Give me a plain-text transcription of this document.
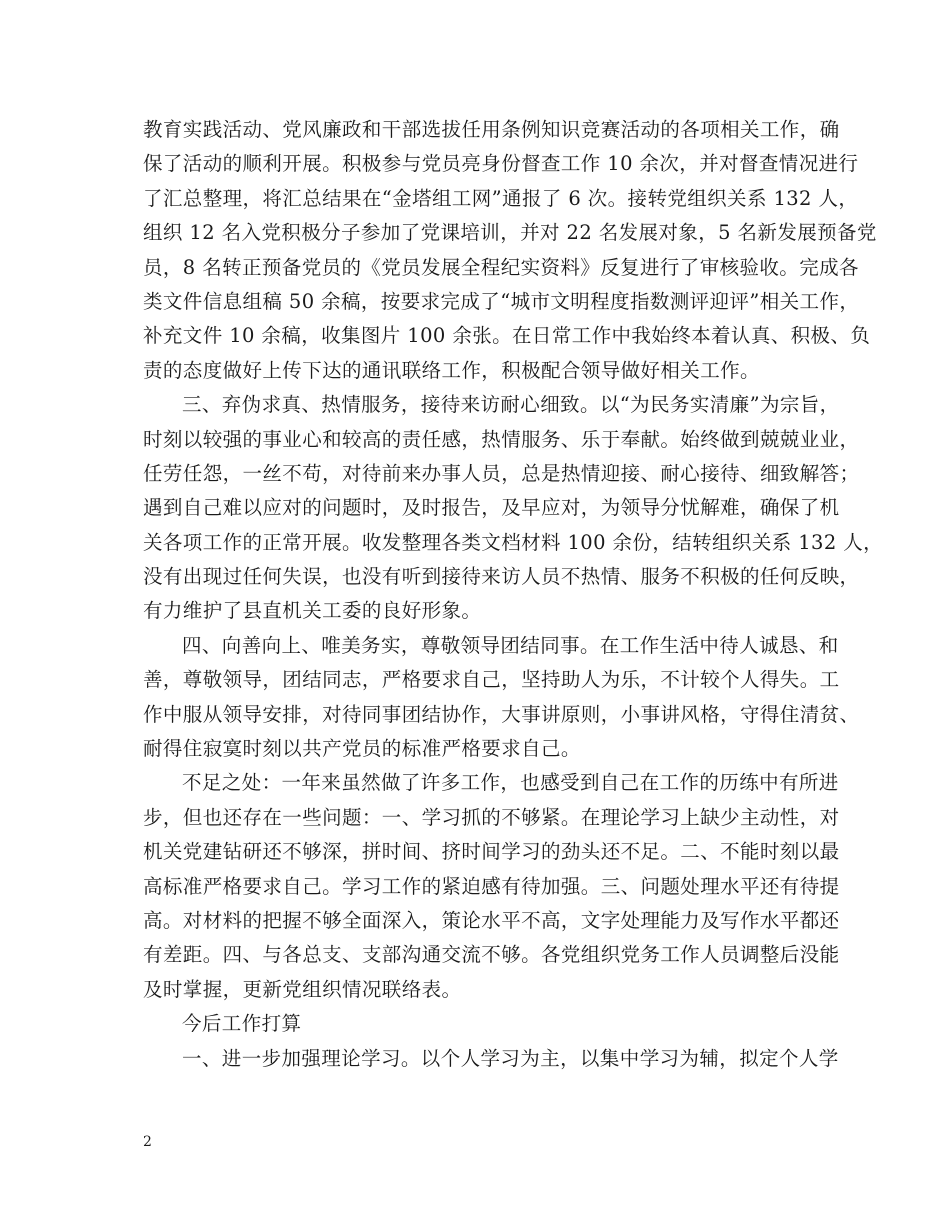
教育实践活动、党风廉政和干部选拔任用条例知识竞赛活动的各项相关工作，确
保了活动的顺利开展。积极参与党员亮身份督查工作 10 余次，并对督查情况进行
了汇总整理，将汇总结果在“金塔组工网”通报了 6 次。接转党组织关系 132 人，
组织 12 名入党积极分子参加了党课培训，并对 22 名发展对象，5 名新发展预备党
员，8 名转正预备党员的《党员发展全程纪实资料》反复进行了审核验收。完成各
类文件信息组稿 50 余稿，按要求完成了“城市文明程度指数测评迎评”相关工作，
补充文件 10 余稿，收集图片 100 余张。在日常工作中我始终本着认真、积极、负
责的态度做好上传下达的通讯联络工作，积极配合领导做好相关工作。
三、弃伪求真、热情服务，接待来访耐心细致。以“为民务实清廉”为宗旨，
时刻以较强的事业心和较高的责任感，热情服务、乐于奉献。始终做到兢兢业业，
任劳任怨，一丝不苟，对待前来办事人员，总是热情迎接、耐心接待、细致解答；
遇到自己难以应对的问题时，及时报告，及早应对，为领导分忧解难，确保了机
关各项工作的正常开展。收发整理各类文档材料 100 余份，结转组织关系 132 人，
没有出现过任何失误，也没有听到接待来访人员不热情、服务不积极的任何反映，
有力维护了县直机关工委的良好形象。
四、向善向上、唯美务实，尊敬领导团结同事。在工作生活中待人诚恳、和
善，尊敬领导，团结同志，严格要求自己，坚持助人为乐，不计较个人得失。工
作中服从领导安排，对待同事团结协作，大事讲原则，小事讲风格，守得住清贫、
耐得住寂寞时刻以共产党员的标准严格要求自己。
不足之处：一年来虽然做了许多工作，也感受到自己在工作的历练中有所进
步，但也还存在一些问题：一、学习抓的不够紧。在理论学习上缺少主动性，对
机关党建钻研还不够深，拼时间、挤时间学习的劲头还不足。二、不能时刻以最
高标准严格要求自己。学习工作的紧迫感有待加强。三、问题处理水平还有待提
高。对材料的把握不够全面深入，策论水平不高，文字处理能力及写作水平都还
有差距。四、与各总支、支部沟通交流不够。各党组织党务工作人员调整后没能
及时掌握，更新党组织情况联络表。
今后工作打算
一、进一步加强理论学习。以个人学习为主，以集中学习为辅，拟定个人学
2
